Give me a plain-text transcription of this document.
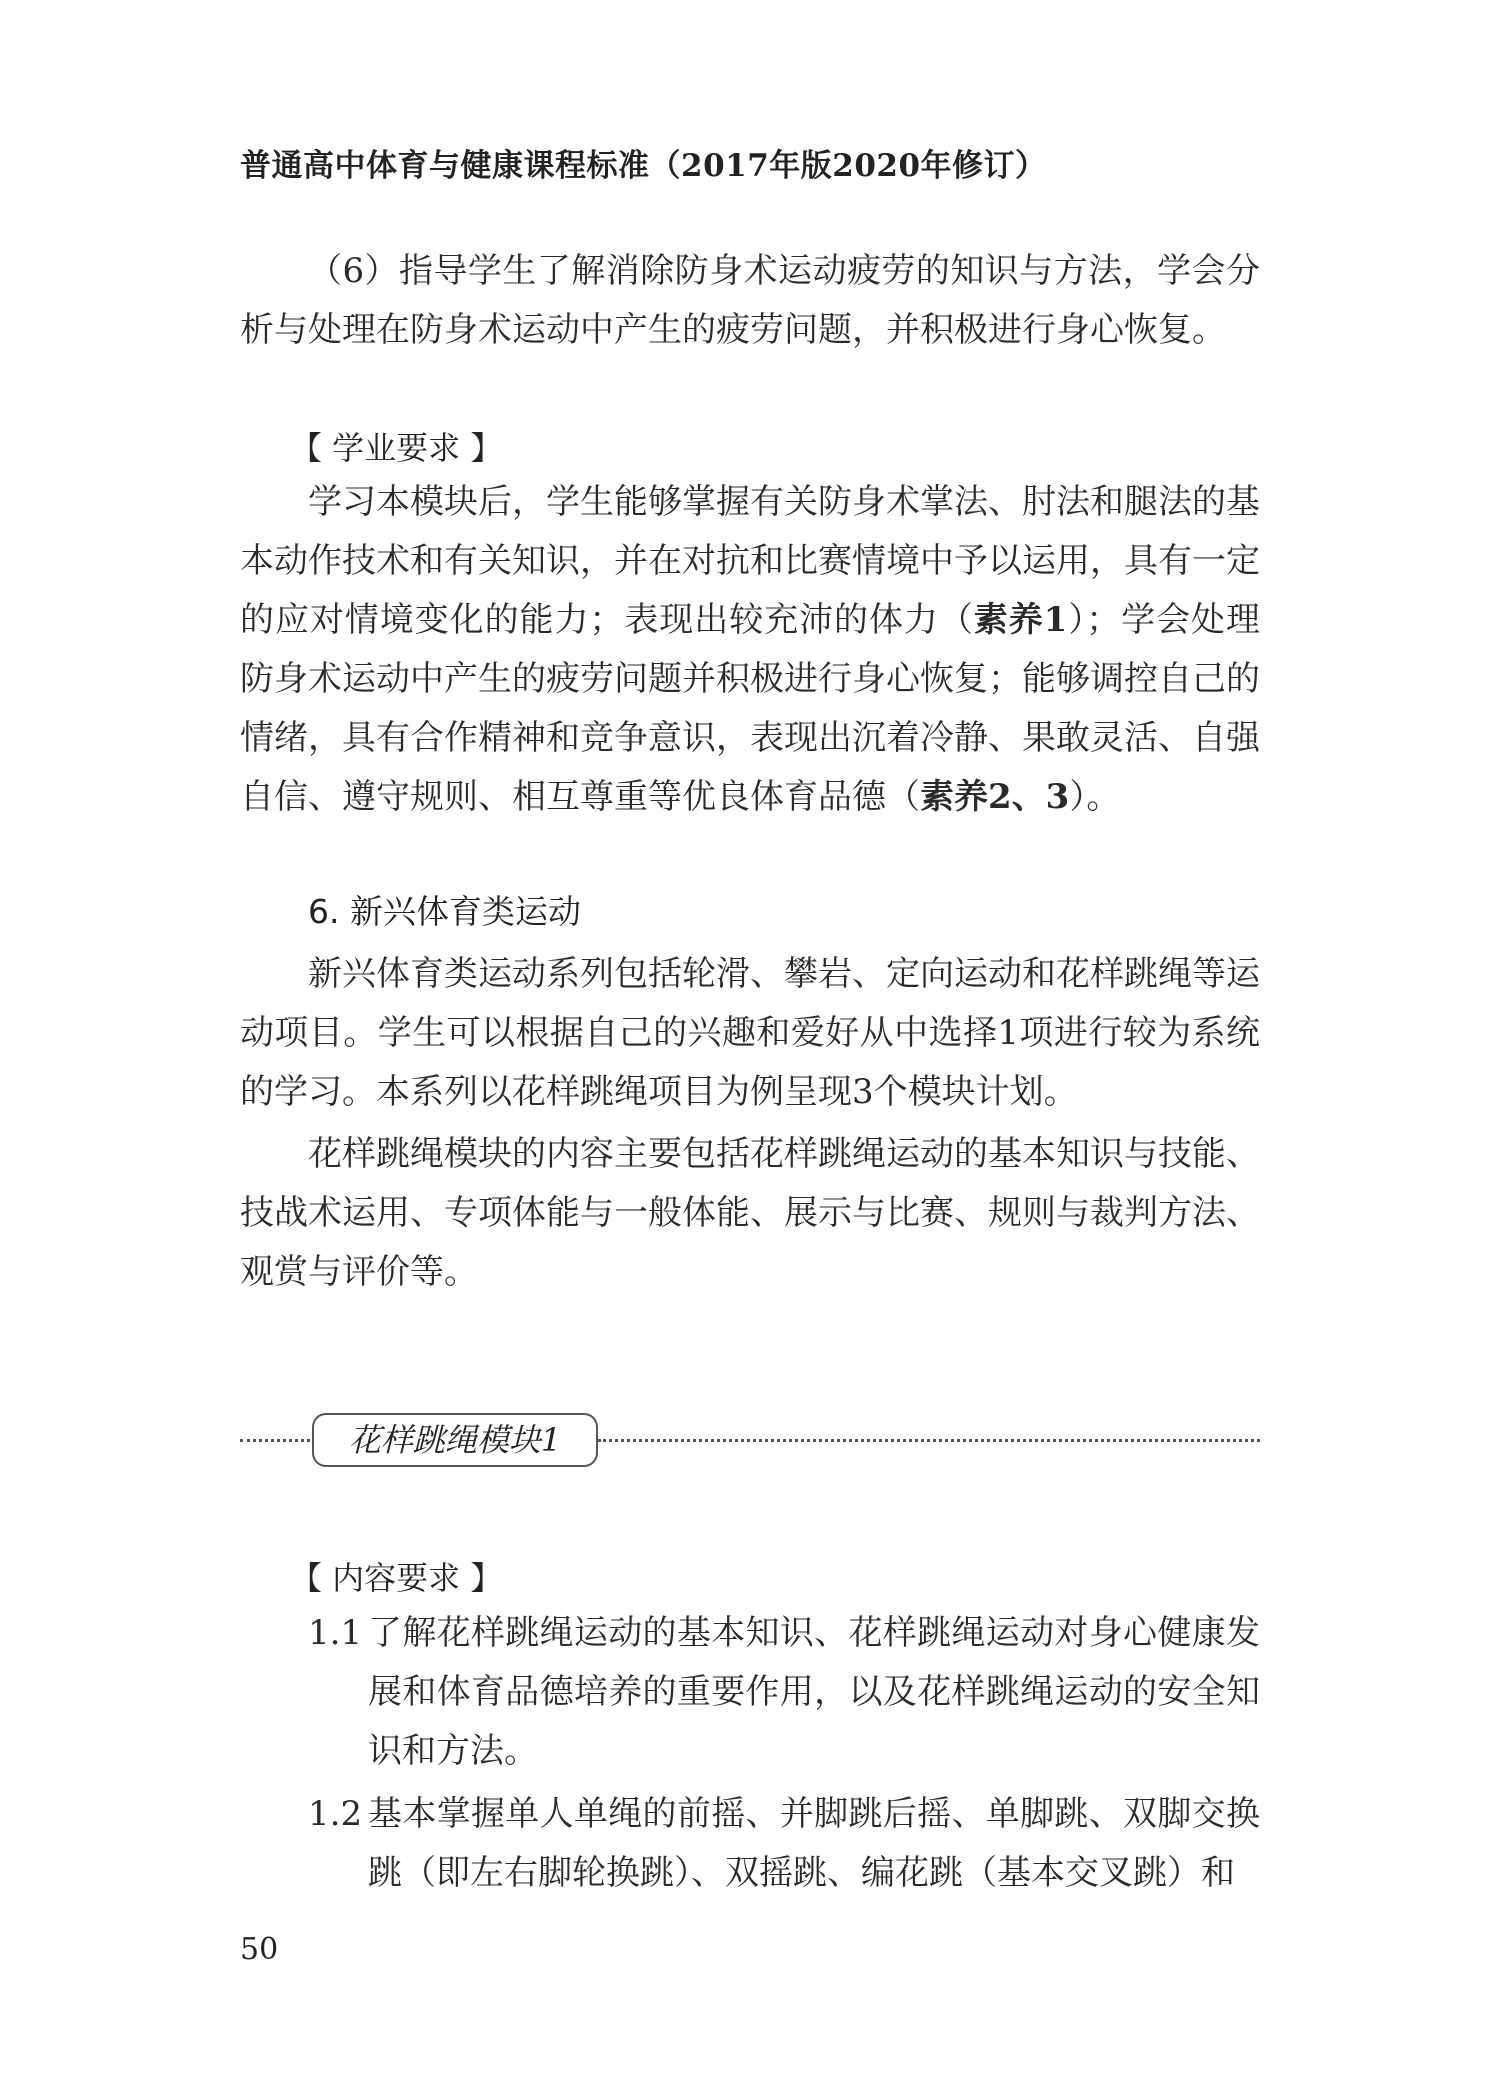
普通高中体育与健康课程标准（2017年版2020年修订）
（6）指导学生了解消除防身术运动疲劳的知识与方法，学会分析与处理在防身术运动中产生的疲劳问题，并积极进行身心恢复。
【 学业要求 】
学习本模块后，学生能够掌握有关防身术掌法、肘法和腿法的基本动作技术和有关知识，并在对抗和比赛情境中予以运用，具有一定的应对情境变化的能力；表现出较充沛的体力（素养1）；学会处理防身术运动中产生的疲劳问题并积极进行身心恢复；能够调控自己的情绪，具有合作精神和竞争意识，表现出沉着冷静、果敢灵活、自强自信、遵守规则、相互尊重等优良体育品德（素养2、3）。
6. 新兴体育类运动
新兴体育类运动系列包括轮滑、攀岩、定向运动和花样跳绳等运动项目。学生可以根据自己的兴趣和爱好从中选择1项进行较为系统的学习。本系列以花样跳绳项目为例呈现3个模块计划。
花样跳绳模块的内容主要包括花样跳绳运动的基本知识与技能、技战术运用、专项体能与一般体能、展示与比赛、规则与裁判方法、观赏与评价等。
花样跳绳模块1
【 内容要求 】
1.1 了解花样跳绳运动的基本知识、花样跳绳运动对身心健康发展和体育品德培养的重要作用，以及花样跳绳运动的安全知识和方法。
1.2 基本掌握单人单绳的前摇、并脚跳后摇、单脚跳、双脚交换跳（即左右脚轮换跳）、双摇跳、编花跳（基本交叉跳）和
50
